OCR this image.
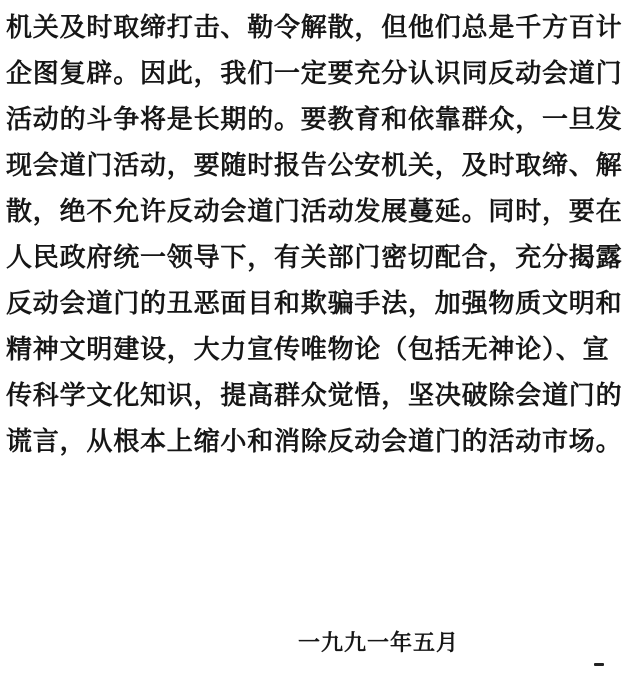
机关及时取缔打击、勒令解散，但他们总是千方百计
企图复辟。因此，我们一定要充分认识同反动会道门
活动的斗争将是长期的。要教育和依靠群众，一旦发
现会道门活动，要随时报告公安机关，及时取缔、解
散，绝不允许反动会道门活动发展蔓延。同时，要在
人民政府统一领导下，有关部门密切配合，充分揭露
反动会道门的丑恶面目和欺骗手法，加强物质文明和
精神文明建设，大力宣传唯物论（包括无神论）、宣
传科学文化知识，提高群众觉悟，坚决破除会道门的
谎言，从根本上缩小和消除反动会道门的活动市场。
一九九一年五月
